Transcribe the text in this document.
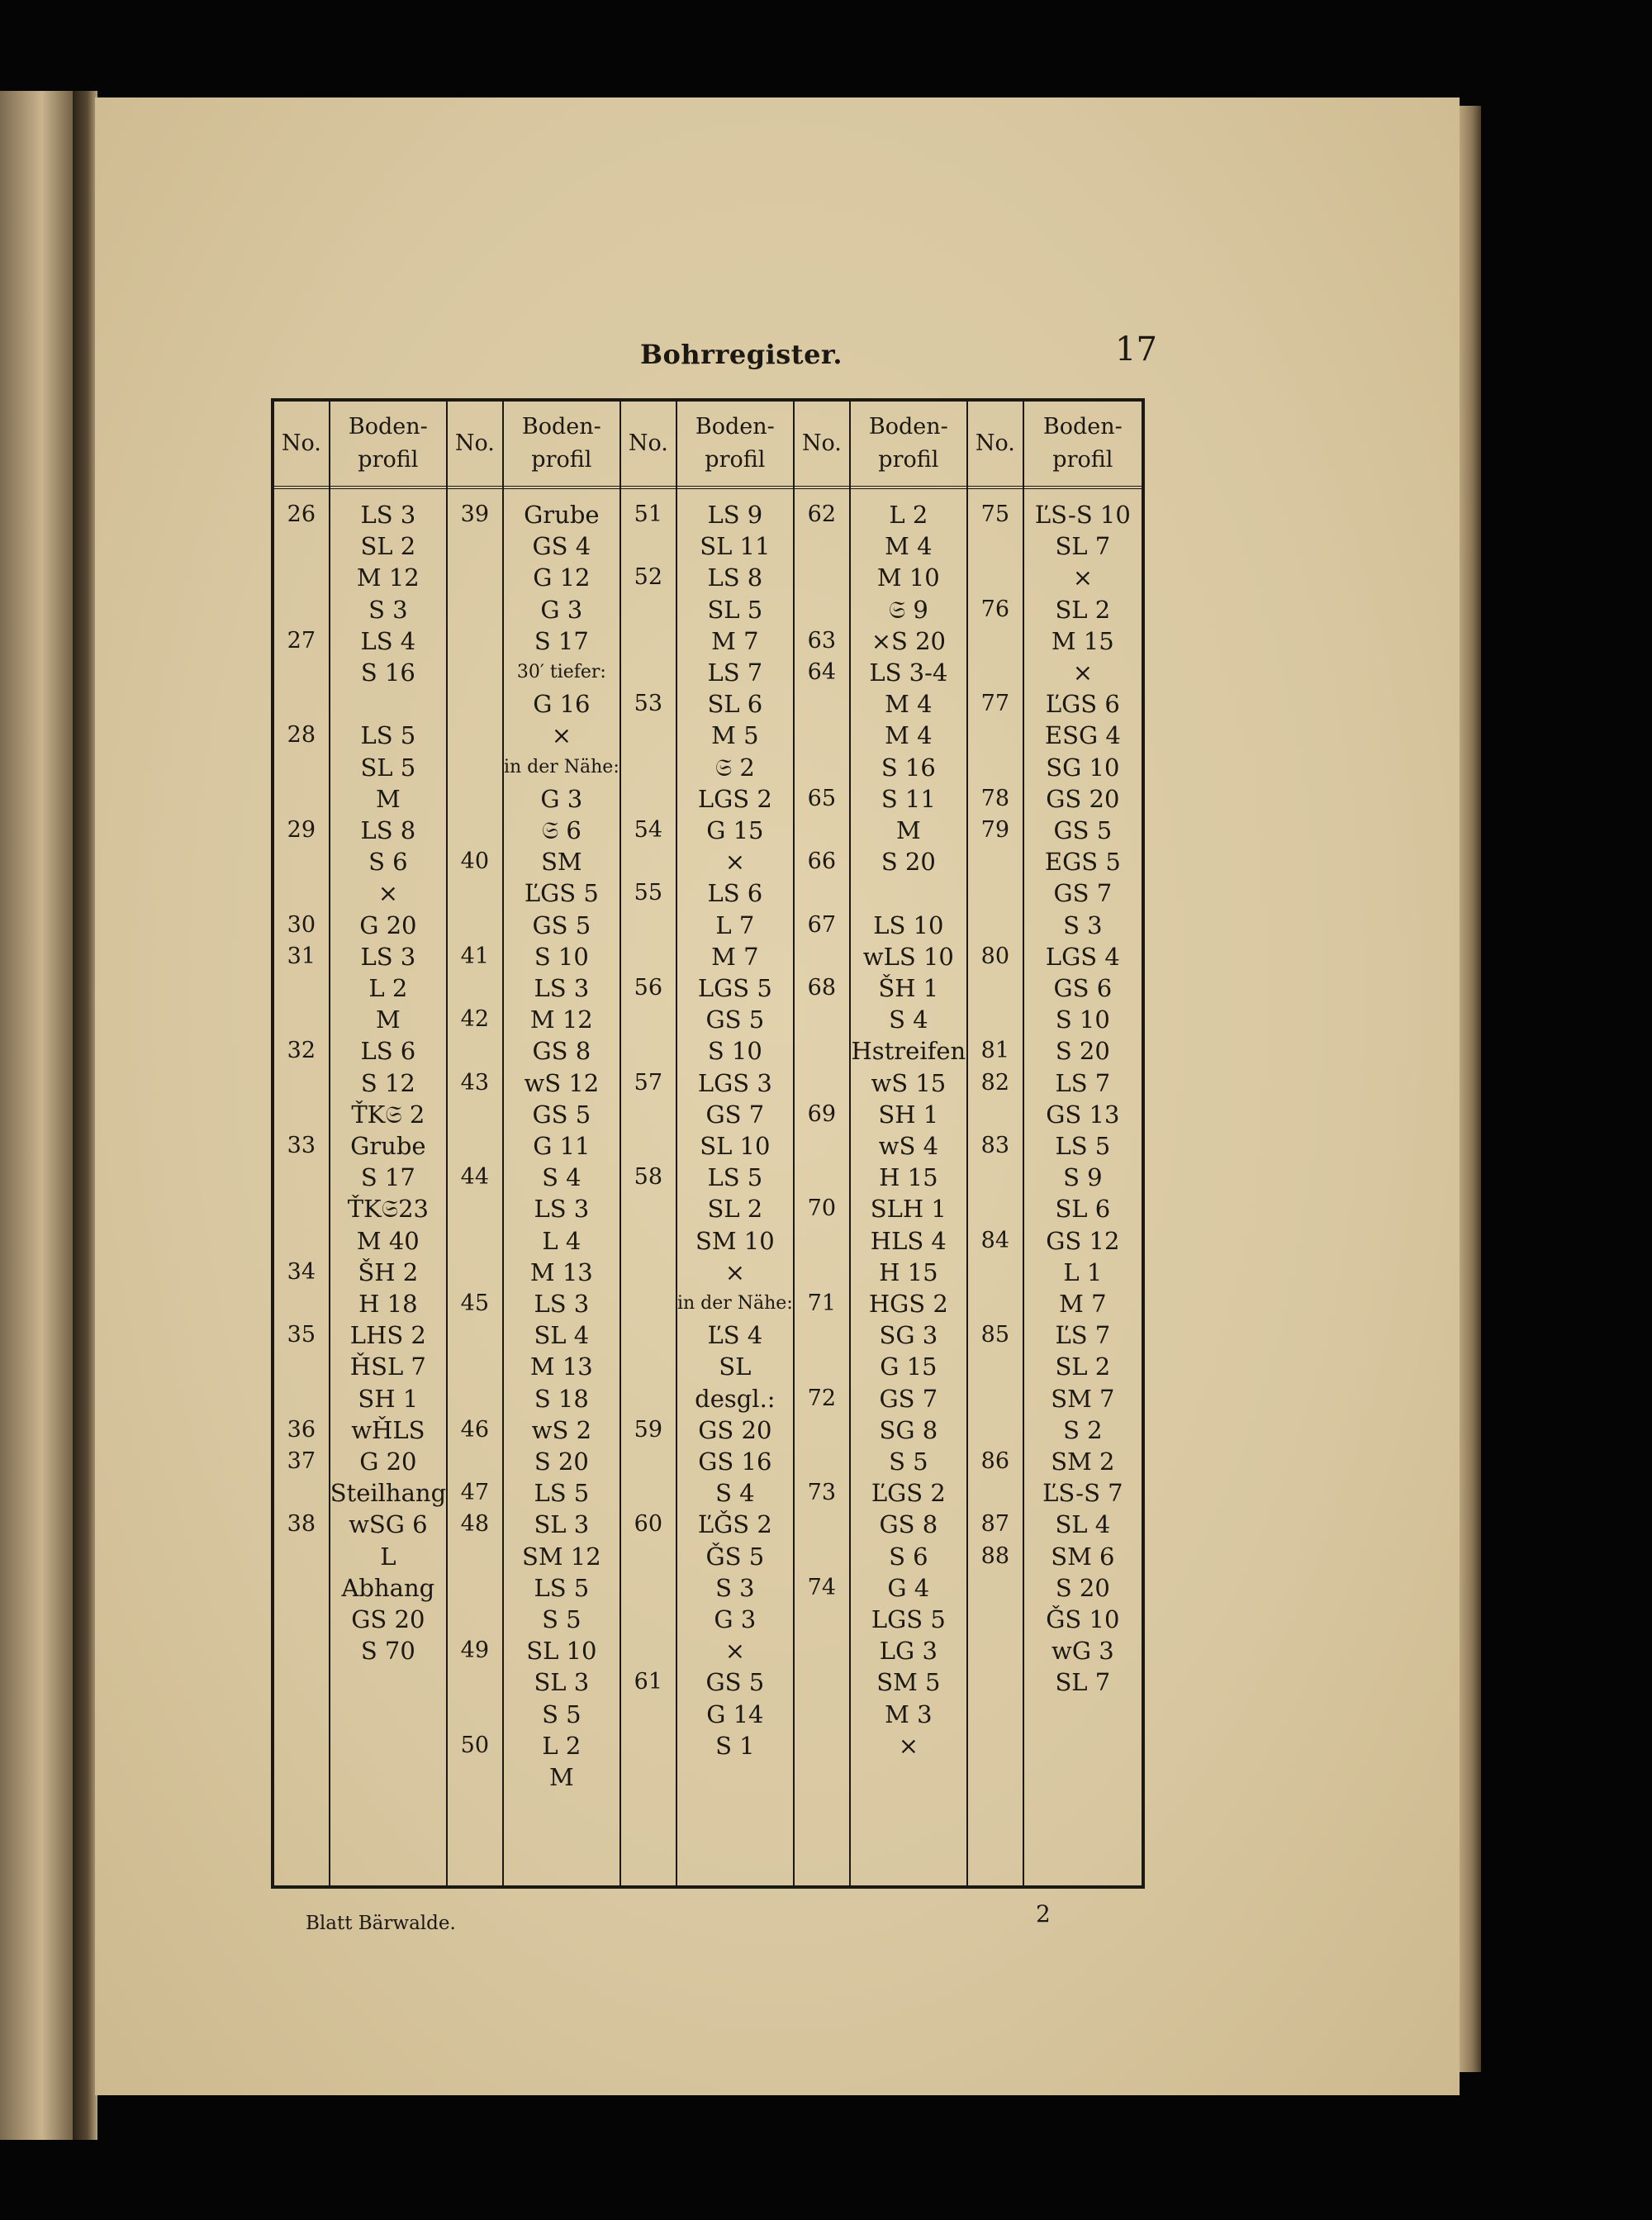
Bohrregister.	17
No.
26
27
28
29
30
31
32
33
34
35
36
37
38
Boden-
profil
LS 3
SL 2
M 12
S 3
LS 4
S 16
LS 5
SL 5
M
LS 8
S 6
×
G 20
LS 3
L 2
M
LS 6
S 12
ŤK𝔖 2
Grube
S 17
ŤK𝔖23
M 40
ŠH 2
H 18
LHS 2
ȞSL 7
SH 1
wȞLS
G 20
Steilhang
wSG 6
L
Abhang
GS 20
S 70
No.
39
40
41
42
43
44
45
46
47
48
49
50
Boden-
profil
Grube
GS 4
G 12
G 3
S 17
30′ tiefer:
G 16
×
in der Nähe:
G 3
𝔖 6
SM
ĽGS 5
GS 5
S 10
LS 3
M 12
GS 8
wS 12
GS 5
G 11
S 4
LS 3
L 4
M 13
LS 3
SL 4
M 13
S 18
wS 2
S 20
LS 5
SL 3
SM 12
LS 5
S 5
SL 10
SL 3
S 5
L 2
M
No.
51
52
53
54
55
56
57
58
59
60
61
Boden-
profil
LS 9
SL 11
LS 8
SL 5
M 7
LS 7
SL 6
M 5
𝔖 2
LGS 2
G 15
×
LS 6
L 7
M 7
LGS 5
GS 5
S 10
LGS 3
GS 7
SL 10
LS 5
SL 2
SM 10
×
in der Nähe:
ĽS 4
SL
desgl.:
GS 20
GS 16
S 4
ĽǦS 2
ǦS 5
S 3
G 3
×
GS 5
G 14
S 1
No.
62
63
64
65
66
67
68
69
70
71
72
73
74
Boden-
profil
L 2
M 4
M 10
𝔖 9
×S 20
LS 3-4
M 4
M 4
S 16
S 11
M
S 20
LS 10
wLS 10
ŠH 1
S 4
Hstreifen
wS 15
SH 1
wS 4
H 15
SLH 1
HLS 4
H 15
HGS 2
SG 3
G 15
GS 7
SG 8
S 5
ĽGS 2
GS 8
S 6
G 4
LGS 5
LG 3
SM 5
M 3
×
No.
75
76
77
78
79
80
81
82
83
84
85
86
87
88
Boden-
profil
ĽS-S 10
SL 7
×
SL 2
M 15
×
ĽGS 6
ESG 4
SG 10
GS 20
GS 5
EGS 5
GS 7
S 3
LGS 4
GS 6
S 10
S 20
LS 7
GS 13
LS 5
S 9
SL 6
GS 12
L 1
M 7
ĽS 7
SL 2
SM 7
S 2
SM 2
ĽS-S 7
SL 4
SM 6
S 20
ǦS 10
wG 3
SL 7
Blatt Bärwalde.	2
